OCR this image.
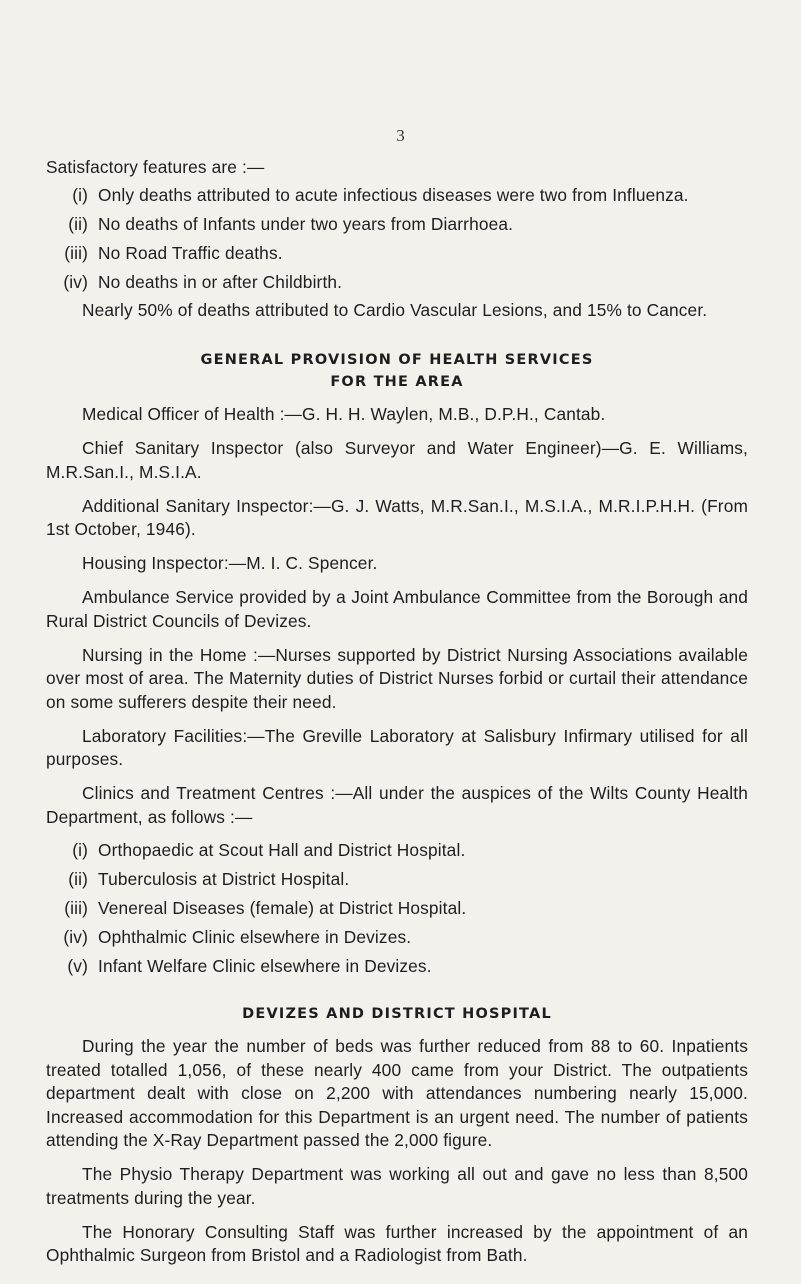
3

Satisfactory features are :—

(i) Only deaths attributed to acute infectious diseases were two from Influenza.
(ii) No deaths of Infants under two years from Diarrhoea.
(iii) No Road Traffic deaths.
(iv) No deaths in or after Childbirth.

Nearly 50% of deaths attributed to Cardio Vascular Lesions, and 15% to Cancer.

GENERAL PROVISION OF HEALTH SERVICES
FOR THE AREA

Medical Officer of Health :—G. H. H. Waylen, M.B., D.P.H., Cantab.

Chief Sanitary Inspector (also Surveyor and Water Engineer)—G. E. Williams, M.R.San.I., M.S.I.A.

Additional Sanitary Inspector:—G. J. Watts, M.R.San.I., M.S.I.A., M.R.I.P.H.H. (From 1st October, 1946).

Housing Inspector:—M. I. C. Spencer.

Ambulance Service provided by a Joint Ambulance Committee from the Borough and Rural District Councils of Devizes.

Nursing in the Home :—Nurses supported by District Nursing Associations available over most of area. The Maternity duties of District Nurses forbid or curtail their attendance on some sufferers despite their need.

Laboratory Facilities:—The Greville Laboratory at Salisbury Infirmary utilised for all purposes.

Clinics and Treatment Centres :—All under the auspices of the Wilts County Health Department, as follows :—

(i) Orthopaedic at Scout Hall and District Hospital.
(ii) Tuberculosis at District Hospital.
(iii) Venereal Diseases (female) at District Hospital.
(iv) Ophthalmic Clinic elsewhere in Devizes.
(v) Infant Welfare Clinic elsewhere in Devizes.
DEVIZES AND DISTRICT HOSPITAL

During the year the number of beds was further reduced from 88 to 60. Inpatients treated totalled 1,056, of these nearly 400 came from your District. The outpatients department dealt with close on 2,200 with attendances numbering nearly 15,000. Increased accommodation for this Department is an urgent need. The number of patients attending the X-Ray Department passed the 2,000 figure.

The Physio Therapy Department was working all out and gave no less than 8,500 treatments during the year.

The Honorary Consulting Staff was further increased by the appointment of an Ophthalmic Surgeon from Bristol and a Radiologist from Bath.
